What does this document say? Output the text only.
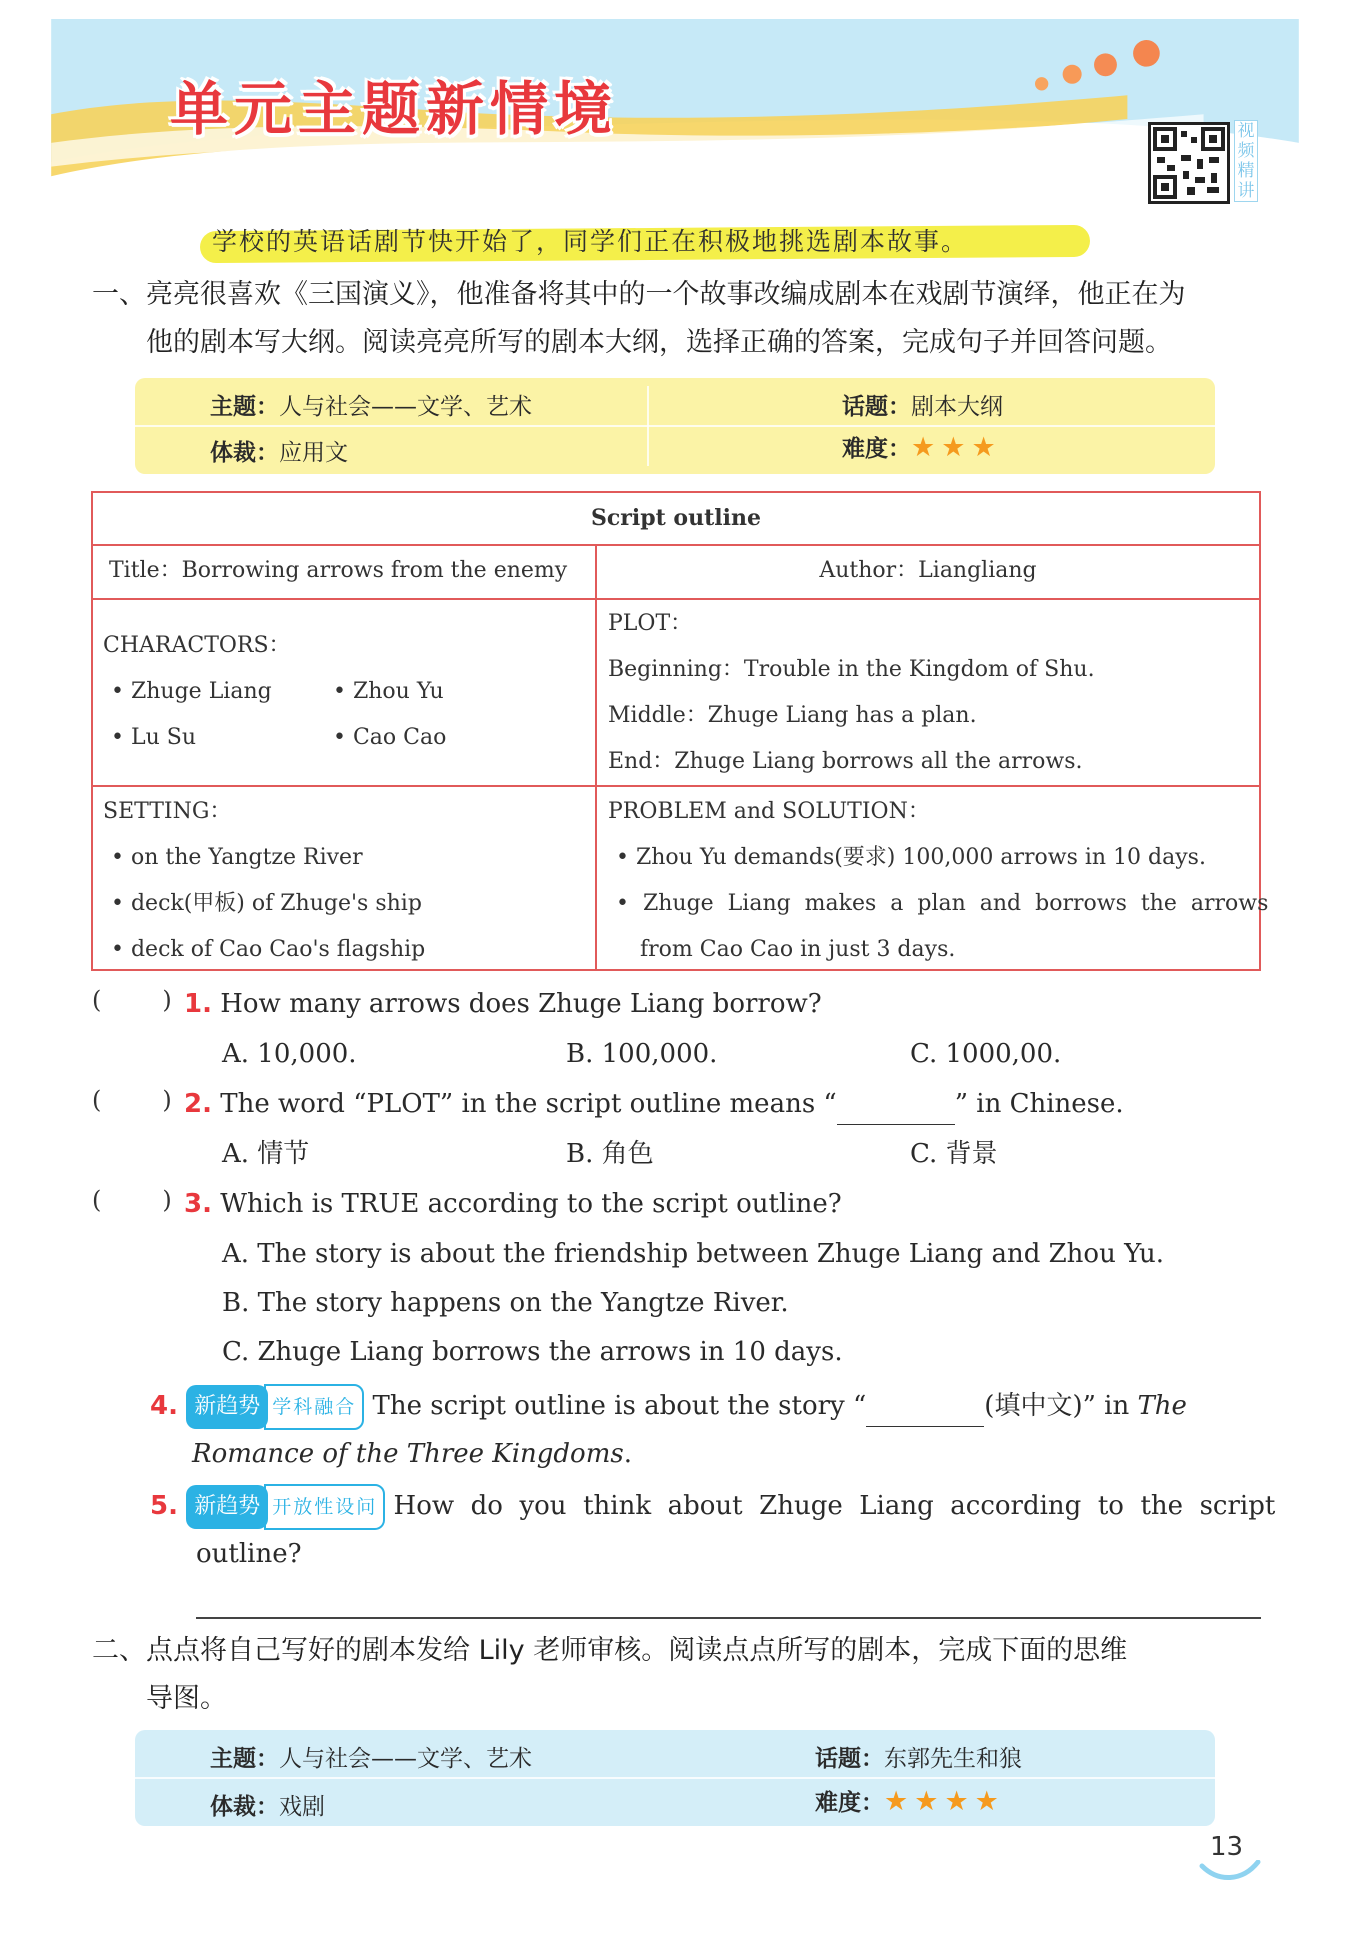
单元主题新情境	视频精讲
学校的英语话剧节快开始了，同学们正在积极地挑选剧本故事。
一、亮亮很喜欢《三国演义》，他准备将其中的一个故事改编成剧本在戏剧节演绎，他正在为
他的剧本写大纲。阅读亮亮所写的剧本大纲，选择正确的答案，完成句子并回答问题。
主题：人与社会——文学、艺术	话题：剧本大纲
体裁：应用文	难度：★ ★ ★
Script outline
Title：Borrowing arrows from the enemy	Author：Liangliang
CHARACTORS：
• Zhuge Liang	• Zhou Yu
• Lu Su	• Cao Cao
PLOT：
Beginning：Trouble in the Kingdom of Shu.
Middle：Zhuge Liang has a plan.
End：Zhuge Liang borrows all the arrows.
SETTING：
• on the Yangtze River
• deck(甲板) of Zhuge's ship
• deck of Cao Cao's flagship
PROBLEM and SOLUTION：
• Zhou Yu demands(要求) 100,000 arrows in 10 days.
•  Zhuge  Liang  makes  a  plan  and  borrows  the  arrows
from Cao Cao in just 3 days.
(        ) 1. How many arrows does Zhuge Liang borrow?
A. 10,000.	B. 100,000.	C. 1000,00.
(        ) 2. The word “PLOT” in the script outline means “	” in Chinese.
A. 情节	B. 角色	C. 背景
(        ) 3. Which is TRUE according to the script outline?
A. The story is about the friendship between Zhuge Liang and Zhou Yu.
B. The story happens on the Yangtze River.
C. Zhuge Liang borrows the arrows in 10 days.
4. 新趋势 学科融合 The script outline is about the story “	(填中文)” in The
Romance of the Three Kingdoms.
5. 新趋势 开放性设问 How  do  you  think  about  Zhuge  Liang  according  to  the  script
outline?
二、点点将自己写好的剧本发给 Lily 老师审核。阅读点点所写的剧本，完成下面的思维
导图。
主题：人与社会——文学、艺术	话题：东郭先生和狼
体裁：戏剧	难度：★ ★ ★ ★
13
